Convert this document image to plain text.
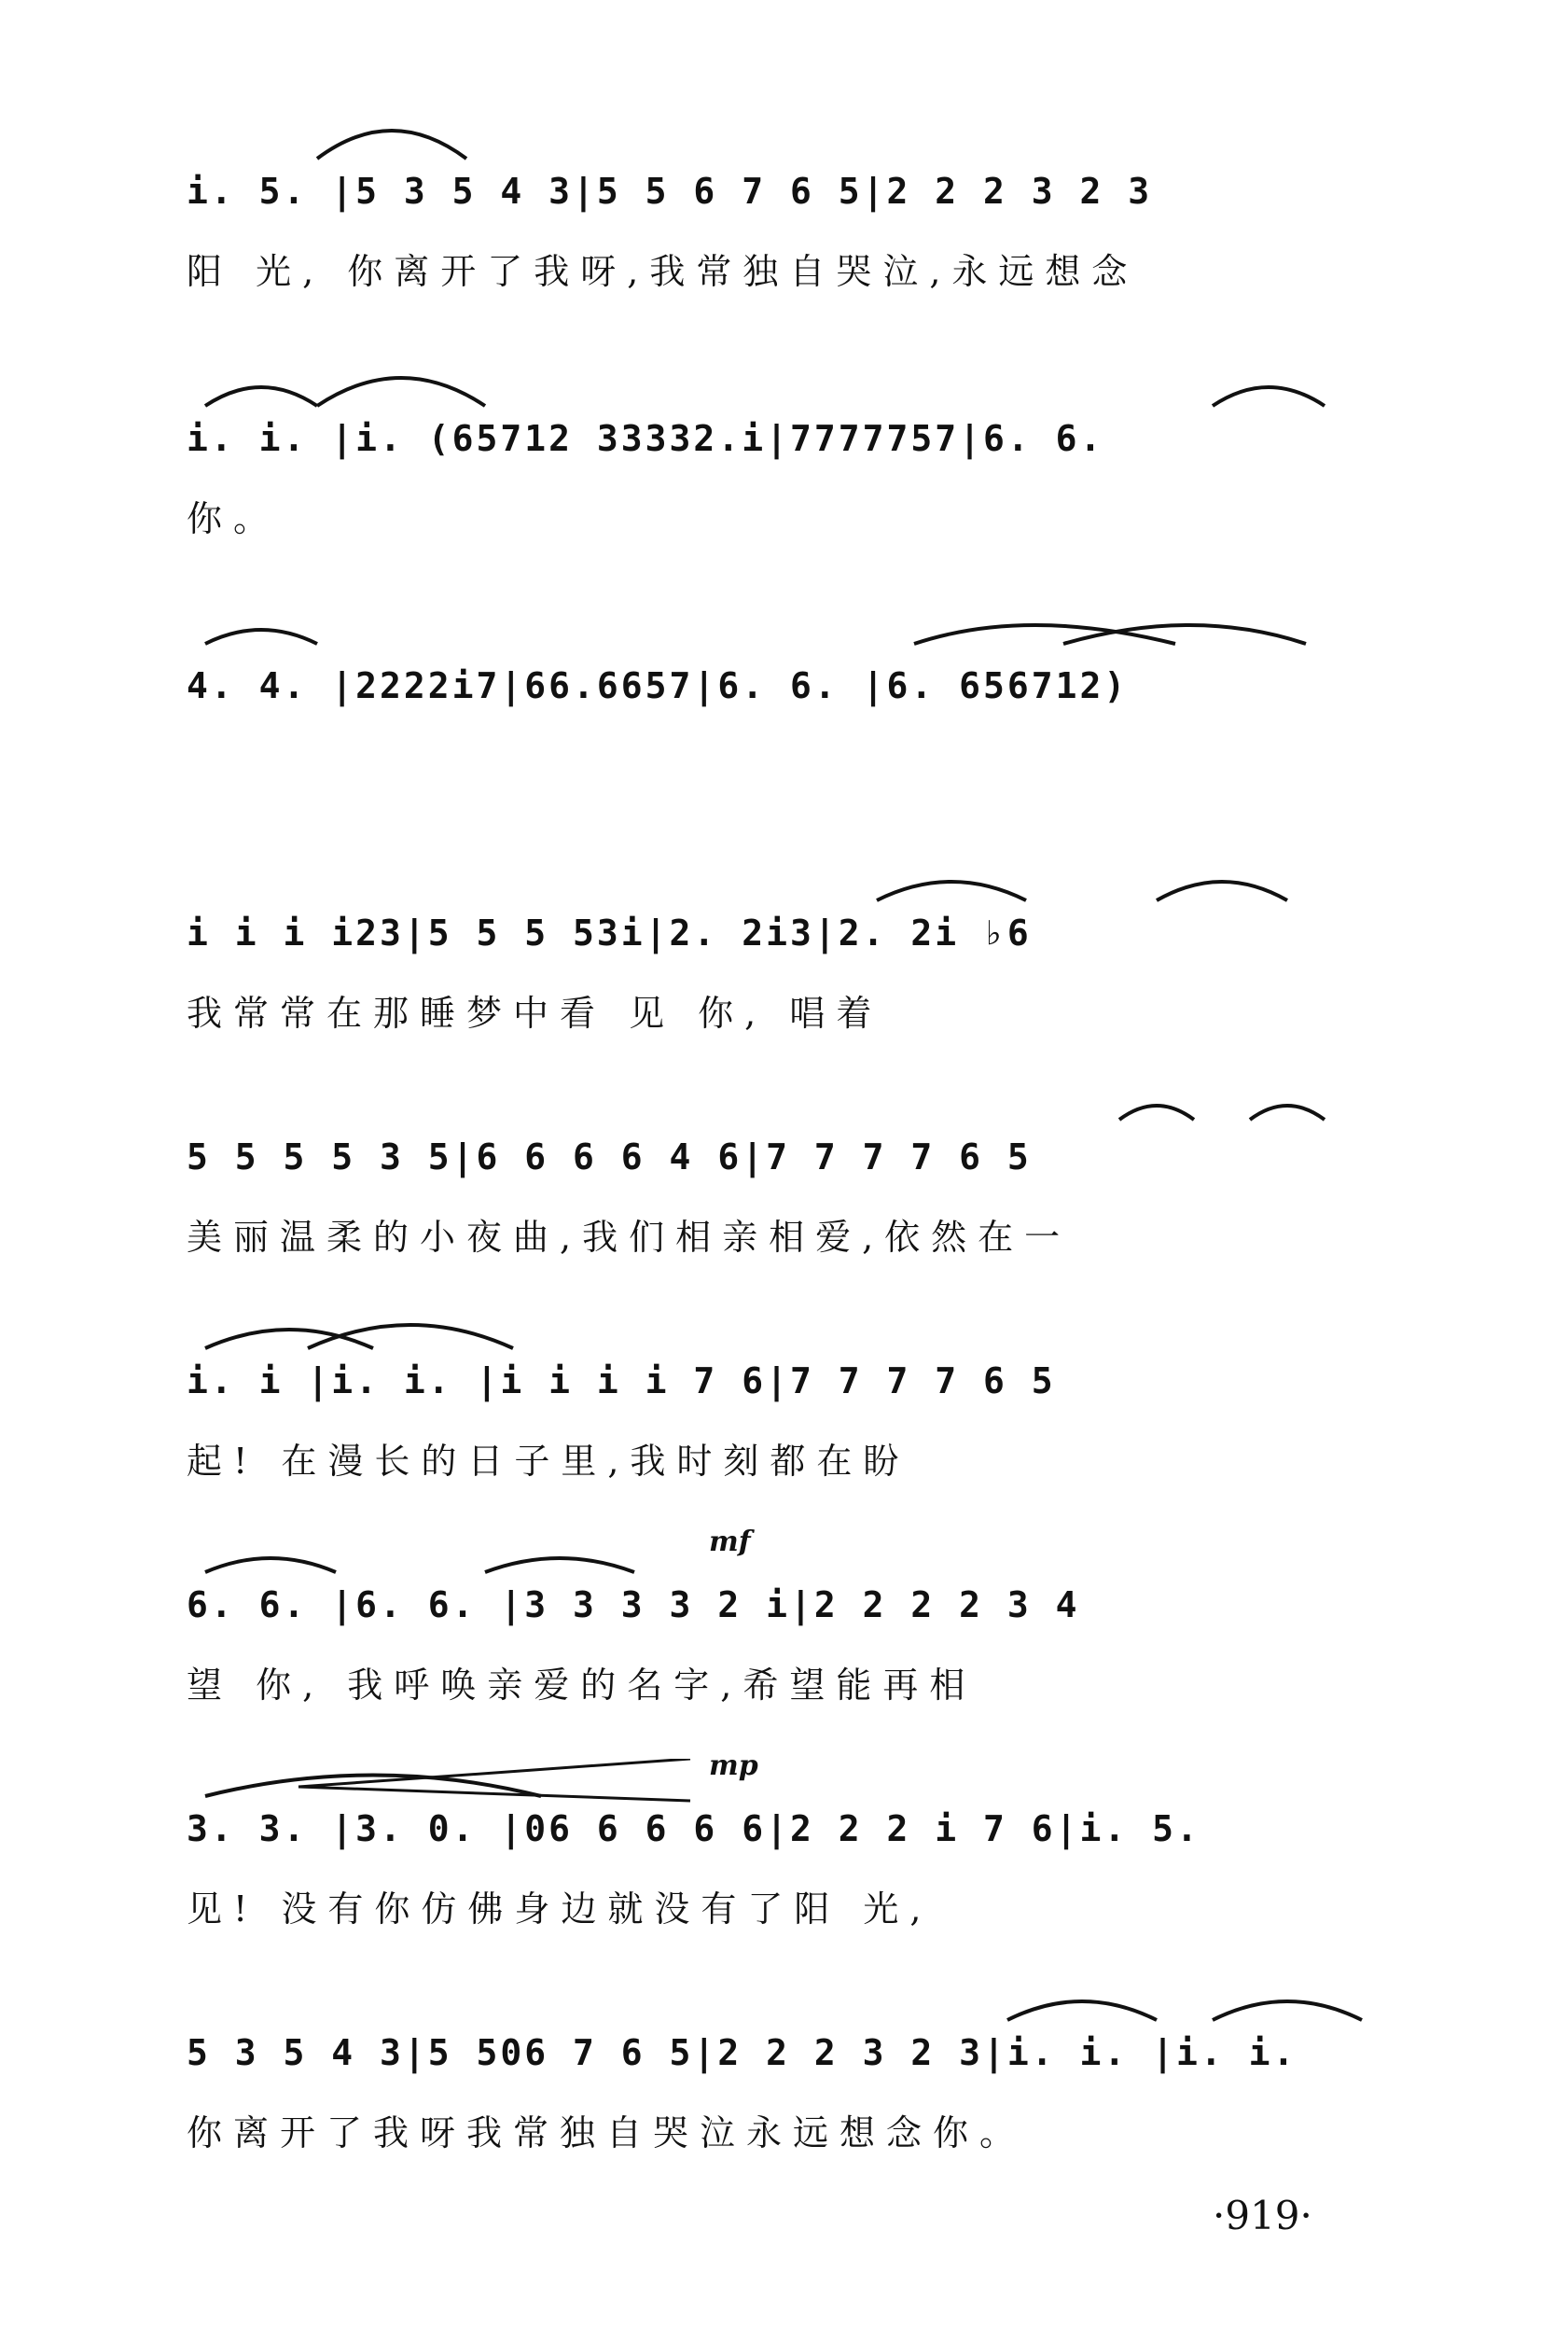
i. 5. |5 3 5 4 3|5 5 6 7 6 5|2 2 2 3 2 3
阳 光, 你离开了我呀,我常独自哭泣,永远想念
i. i. |i. (65712 33332.i|7777757|6. 6.
你。
4. 4. |2222i7|66.6657|6. 6. |6. 656712)
i i i i23|5 5 5 53i|2. 2i3|2. 2i ♭6
我常常在那睡梦中看 见 你, 唱着
5 5 5 5 3 5|6 6 6 6 4 6|7 7 7 7 6 5
美丽温柔的小夜曲,我们相亲相爱,依然在一
i. i |i. i. |i i i i 7 6|7 7 7 7 6 5
起! 在漫长的日子里,我时刻都在盼
6. 6. |6. 6. |3 3 3 3 2 i|2 2 2 2 3 4
望 你, 我呼唤亲爱的名字,希望能再相
mf
3. 3. |3. 0. |06 6 6 6 6|2 2 2 i 7 6|i. 5.
见! 没有你仿佛身边就没有了阳 光,
mp
5 3 5 4 3|5 506 7 6 5|2 2 2 3 2 3|i. i. |i. i.
你离开了我呀我常独自哭泣永远想念你。
·919·
